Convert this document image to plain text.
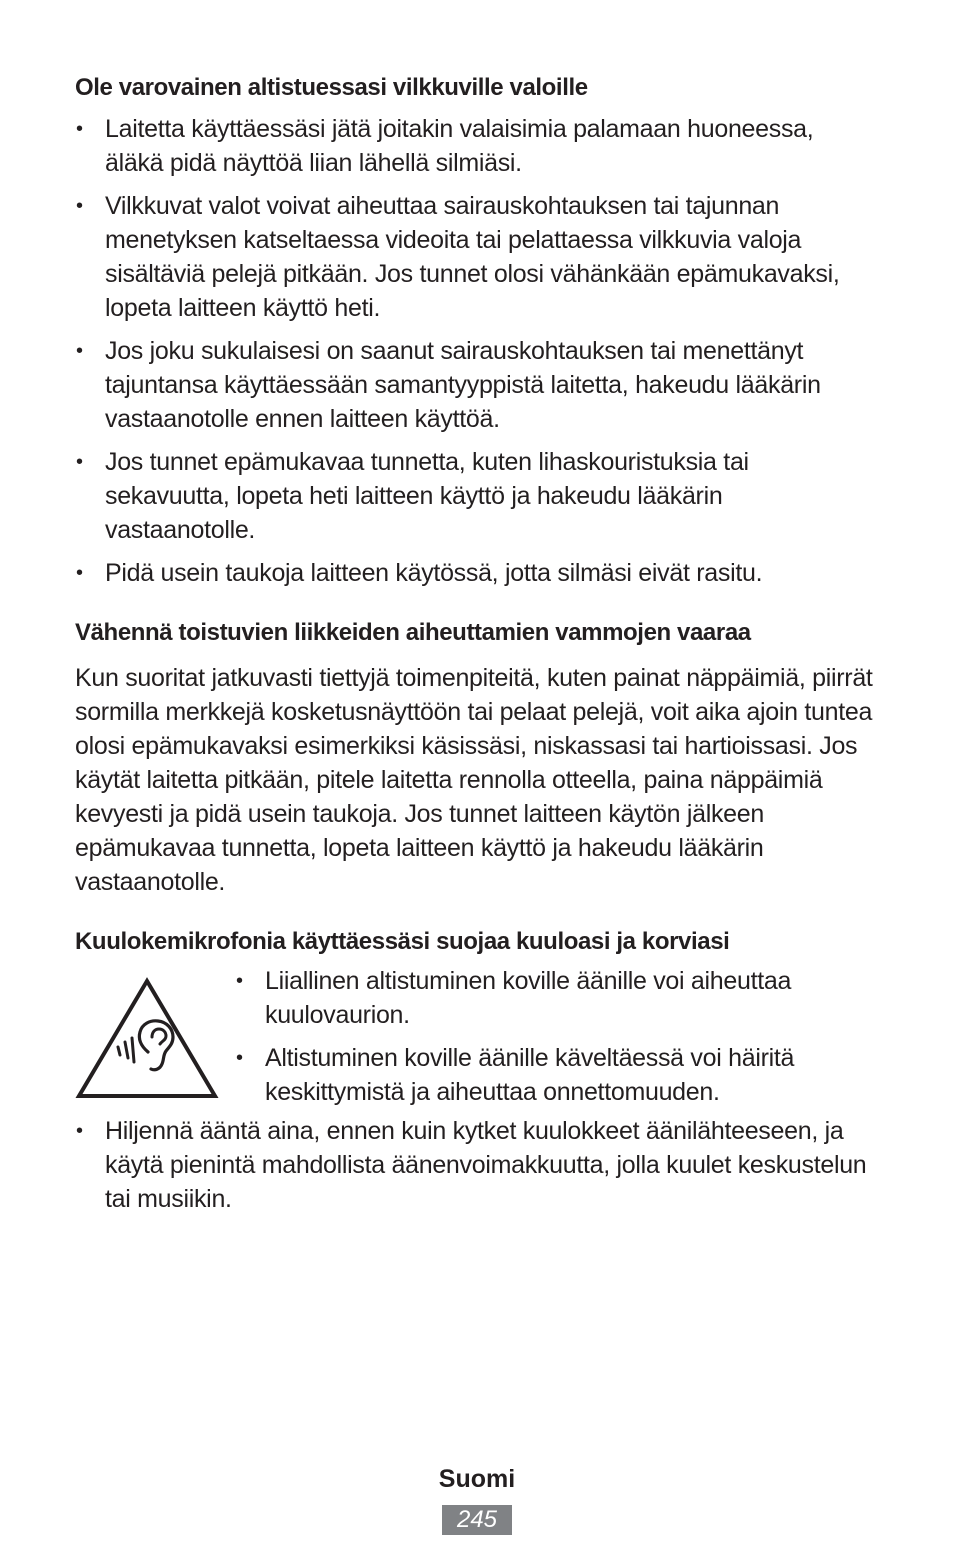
Ole varovainen altistuessasi vilkkuville valoille
• Laitetta käyttäessäsi jätä joitakin valaisimia palamaan huoneessa, äläkä pidä näyttöä liian lähellä silmiäsi.
• Vilkkuvat valot voivat aiheuttaa sairauskohtauksen tai tajunnan menetyksen katseltaessa videoita tai pelattaessa vilkkuvia valoja sisältäviä pelejä pitkään. Jos tunnet olosi vähänkään epämukavaksi, lopeta laitteen käyttö heti.
• Jos joku sukulaisesi on saanut sairauskohtauksen tai menettänyt tajuntansa käyttäessään samantyyppistä laitetta, hakeudu lääkärin vastaanotolle ennen laitteen käyttöä.
• Jos tunnet epämukavaa tunnetta, kuten lihaskouristuksia tai sekavuutta, lopeta heti laitteen käyttö ja hakeudu lääkärin vastaanotolle.
• Pidä usein taukoja laitteen käytössä, jotta silmäsi eivät rasitu.
Vähennä toistuvien liikkeiden aiheuttamien vammojen vaaraa

Kun suoritat jatkuvasti tiettyjä toimenpiteitä, kuten painat näppäimiä, piirrät sormilla merkkejä kosketusnäyttöön tai pelaat pelejä, voit aika ajoin tuntea olosi epämukavaksi esimerkiksi käsissäsi, niskassasi tai hartioissasi. Jos käytät laitetta pitkään, pitele laitetta rennolla otteella, paina näppäimiä kevyesti ja pidä usein taukoja. Jos tunnet laitteen käytön jälkeen epämukavaa tunnetta, lopeta laitteen käyttö ja hakeudu lääkärin vastaanotolle.

Kuulokemikrofonia käyttäessäsi suojaa kuuloasi ja korviasi
• Liiallinen altistuminen koville äänille voi aiheuttaa kuulovaurion.
• Altistuminen koville äänille käveltäessä voi häiritä keskittymistä ja aiheuttaa onnettomuuden.
• Hiljennä ääntä aina, ennen kuin kytket kuulokkeet äänilähteeseen, ja käytä pienintä mahdollista äänenvoimakkuutta, jolla kuulet keskustelun tai musiikin.
Suomi
245
